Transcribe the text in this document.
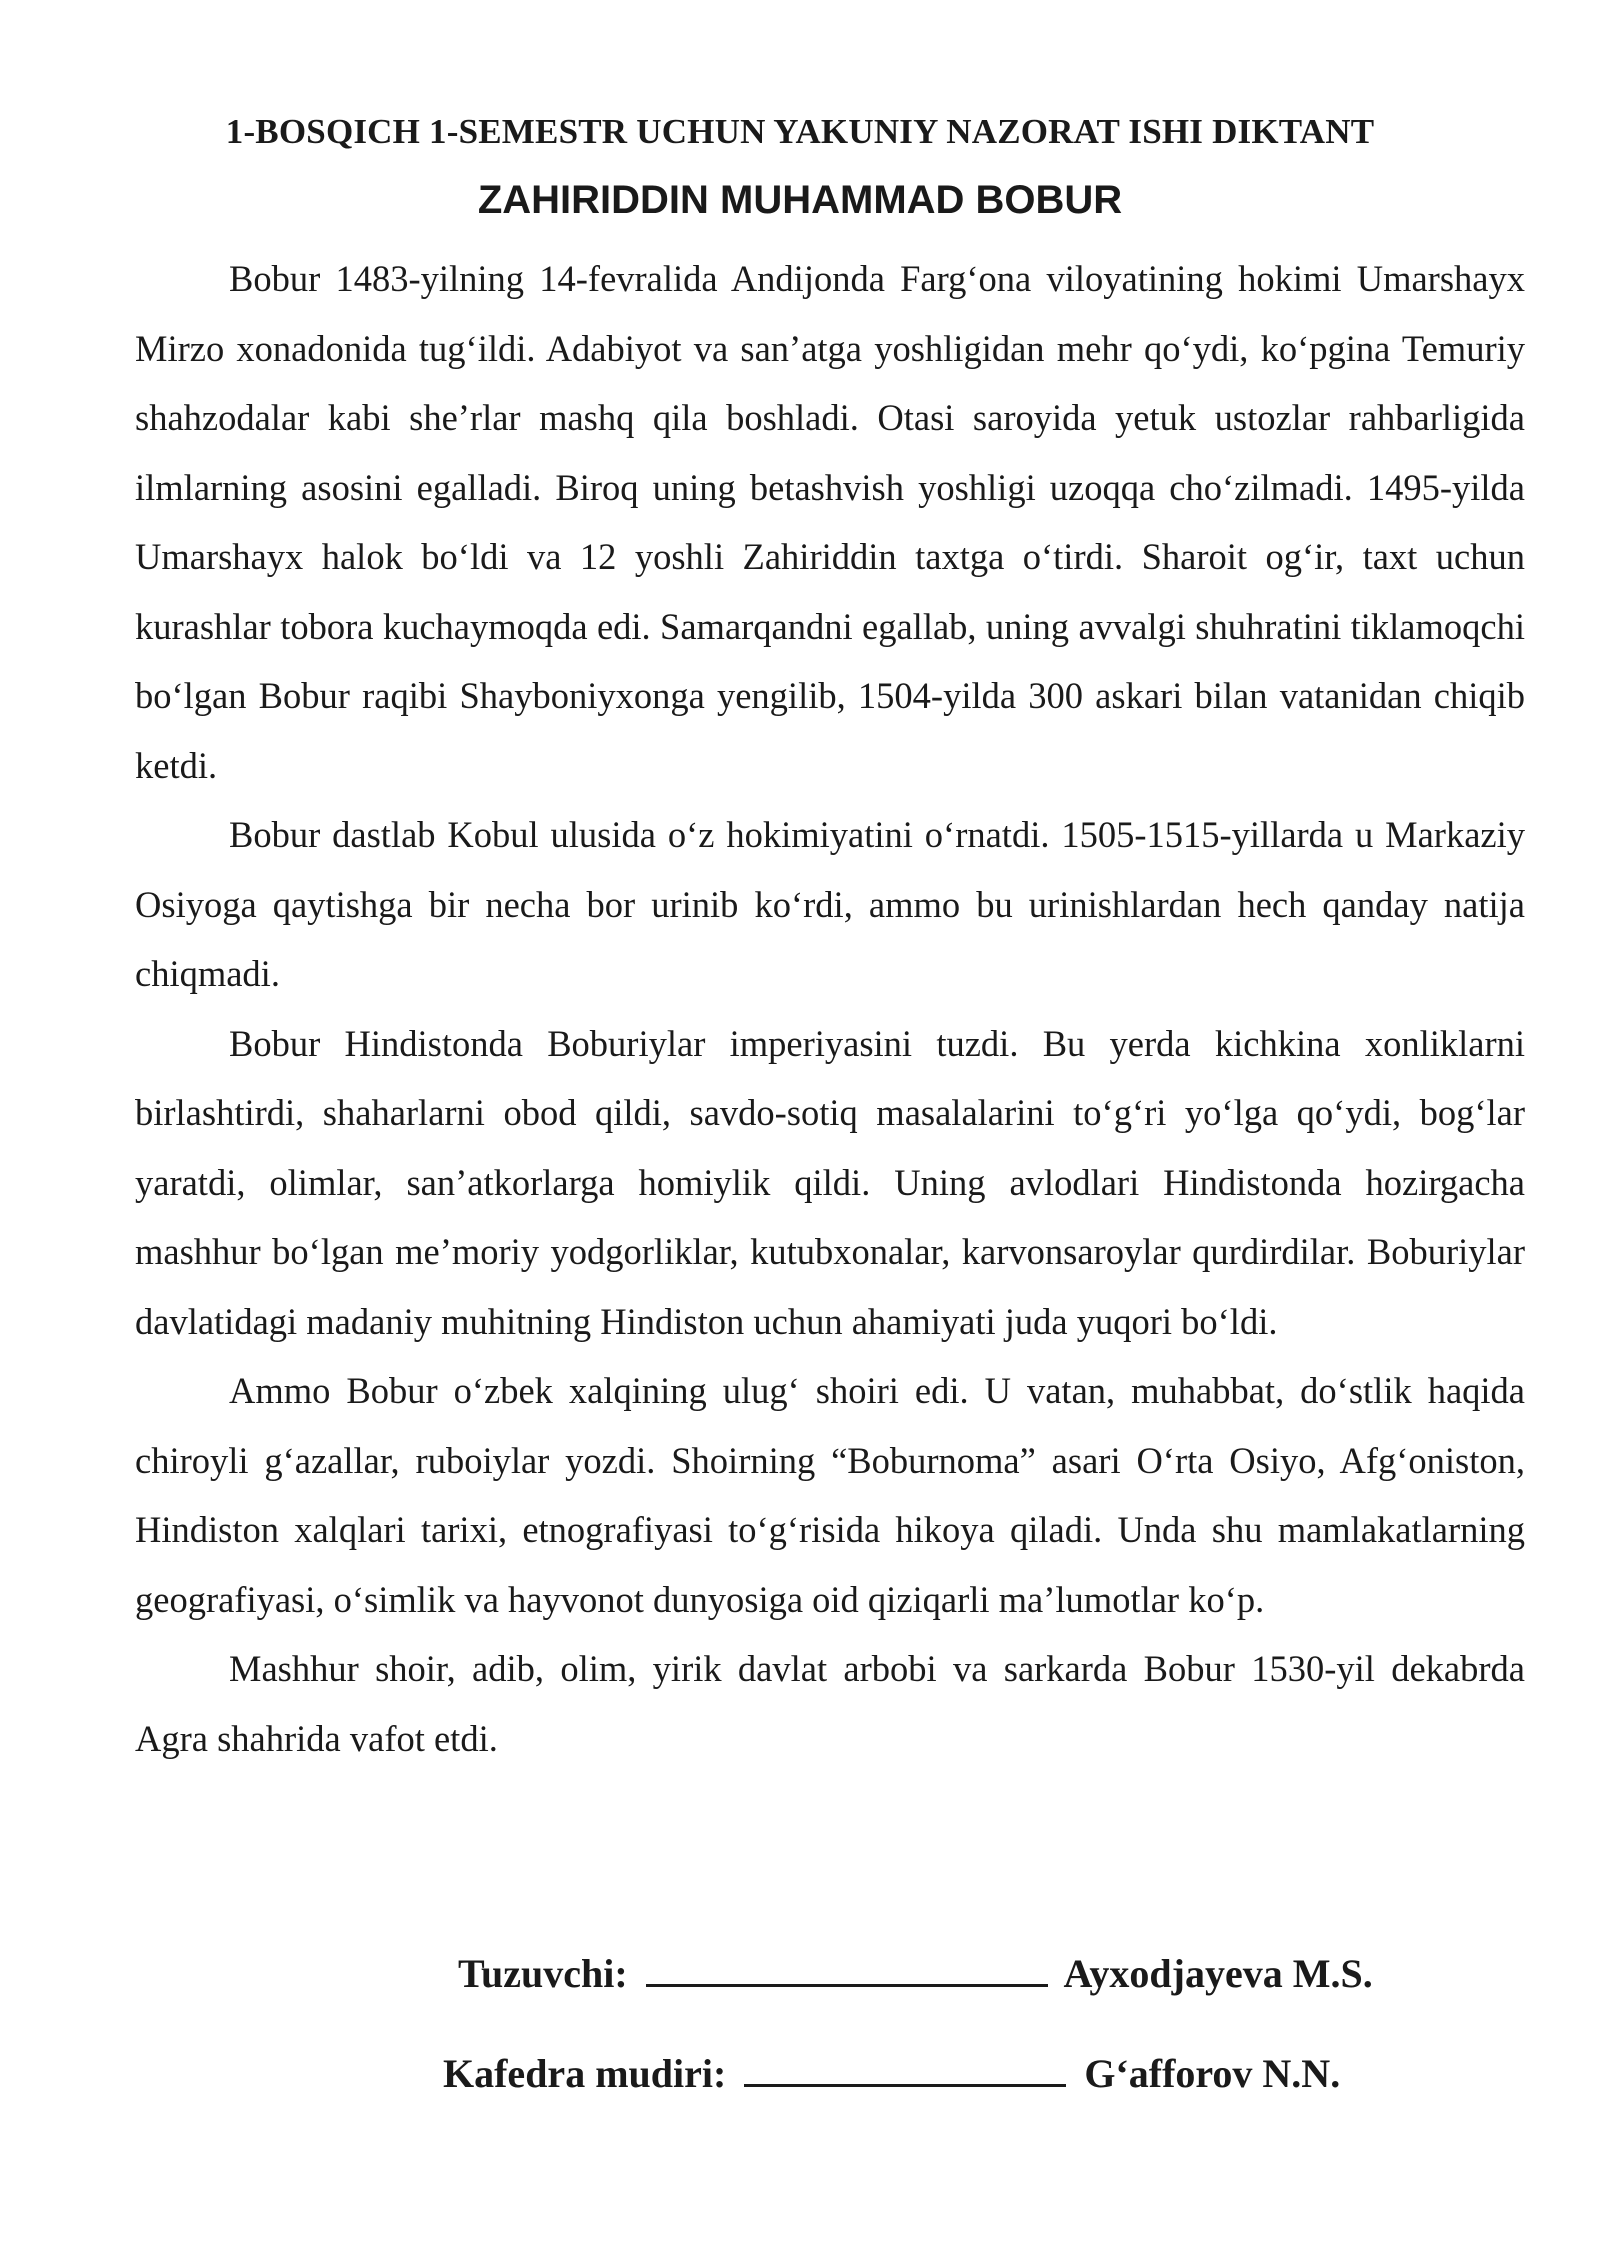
1-BOSQICH 1-SEMESTR UCHUN YAKUNIY NAZORAT ISHI DIKTANT
ZAHIRIDDIN MUHAMMAD BOBUR

Bobur 1483-yilning 14-fevralida Andijonda Farg‘ona viloyatining hokimi Umarshayx Mirzo xonadonida tug‘ildi. Adabiyot va san’atga yoshligidan mehr qo‘ydi, ko‘pgina Temuriy shahzodalar kabi she’rlar mashq qila boshladi. Otasi saroyida yetuk ustozlar rahbarligida ilmlarning asosini egalladi. Biroq uning betashvish yoshligi uzoqqa cho‘zilmadi. 1495-yilda Umarshayx halok bo‘ldi va 12 yoshli Zahiriddin taxtga o‘tirdi. Sharoit og‘ir, taxt uchun kurashlar tobora kuchaymoqda edi. Samarqandni egallab, uning avvalgi shuhratini tiklamoqchi bo‘lgan Bobur raqibi Shayboniyxonga yengilib, 1504-yilda 300 askari bilan vatanidan chiqib ketdi.

Bobur dastlab Kobul ulusida o‘z hokimiyatini o‘rnatdi. 1505-1515-yillarda u Markaziy Osiyoga qaytishga bir necha bor urinib ko‘rdi, ammo bu urinishlardan hech qanday natija chiqmadi.

Bobur Hindistonda Boburiylar imperiyasini tuzdi. Bu yerda kichkina xonliklarni birlashtirdi, shaharlarni obod qildi, savdo-sotiq masalalarini to‘g‘ri yo‘lga qo‘ydi, bog‘lar yaratdi, olimlar, san’atkorlarga homiylik qildi. Uning avlodlari Hindistonda hozirgacha mashhur bo‘lgan me’moriy yodgorliklar, kutubxonalar, karvonsaroylar qurdirdilar. Boburiylar davlatidagi madaniy muhitning Hindiston uchun ahamiyati juda yuqori bo‘ldi.

Ammo Bobur o‘zbek xalqining ulug‘ shoiri edi. U vatan, muhabbat, do‘stlik haqida chiroyli g‘azallar, ruboiylar yozdi. Shoirning “Boburnoma” asari O‘rta Osiyo, Afg‘oniston, Hindiston xalqlari tarixi, etnografiyasi to‘g‘risida hikoya qiladi. Unda shu mamlakatlarning geografiyasi, o‘simlik va hayvonot dunyosiga oid qiziqarli ma’lumotlar ko‘p.

Mashhur shoir, adib, olim, yirik davlat arbobi va sarkarda Bobur 1530-yil dekabrda Agra shahrida vafot etdi.

Tuzuvchi:	Ayxodjayeva M.S.
Kafedra mudiri:	G‘afforov N.N.
